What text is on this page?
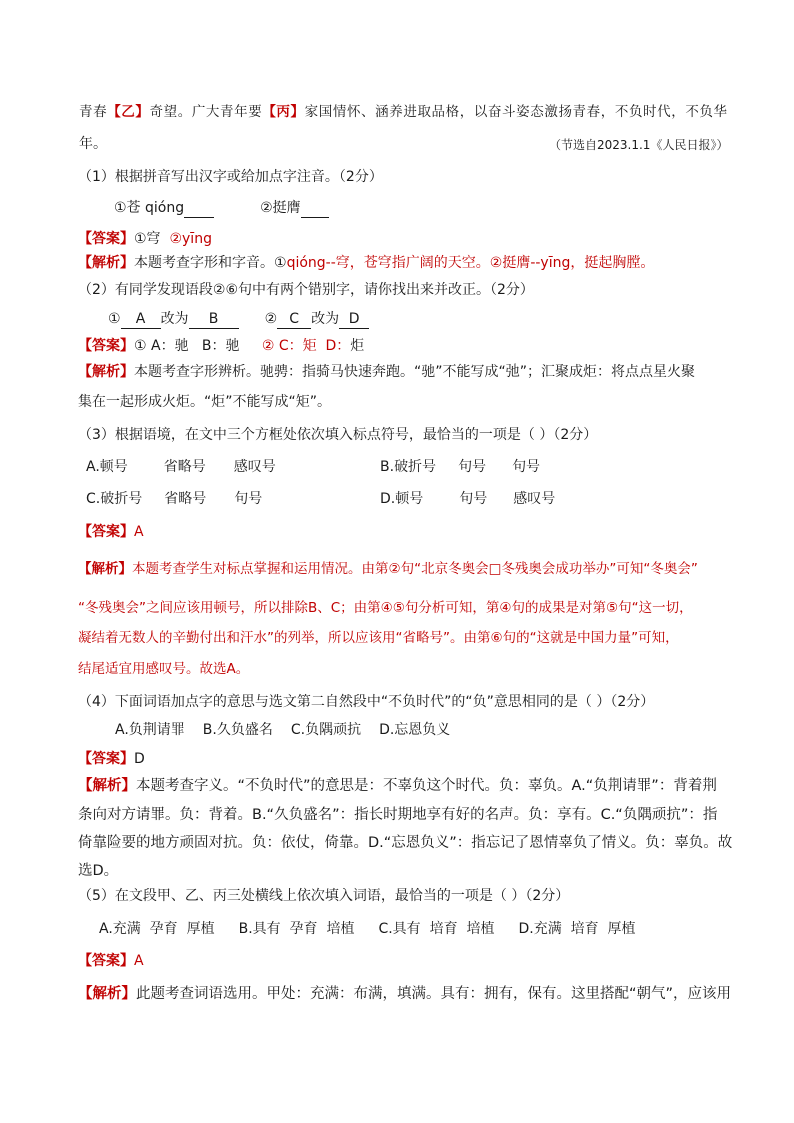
青春【乙】奇望。广大青年要【丙】家国情怀、涵养进取品格，以奋斗姿态激扬青春，不负时代，不负华
年。	（节选自2023.1.1《人民日报》）
（1）根据拼音写出汉字或给加点字注音。（2分）
①苍 qióng	②挺膺
【答案】①穹 ②yīng
【解析】本题考查字形和字音。①qióng--穹，苍穹指广阔的天空。②挺膺--yīng，挺起胸膛。
（2）有同学发现语段②⑥句中有两个错别字，请你找出来并改正。（2分）
① A 改为 B	② C 改为 D
【答案】① A：驰   B：驰 ② C：矩  D：炬
【解析】本题考查字形辨析。驰骋：指骑马快速奔跑。“驰”不能写成“弛”；汇聚成炬：将点点星火聚
集在一起形成火炬。“炬”不能写成“矩”。
（3）根据语境，在文中三个方框处依次填入标点符号，最恰当的一项是（ ）（2分）
A.顿号	省略号 感叹号	B.破折号 句号 句号
C.破折号 省略号 句号	D.顿号	句号 感叹号
【答案】A
【解析】本题考查学生对标点掌握和运用情况。由第②句“北京冬奥会□冬残奥会成功举办”可知“冬奥会”
“冬残奥会”之间应该用顿号，所以排除B、C；由第④⑤句分析可知，第④句的成果是对第⑤句“这一切，
凝结着无数人的辛勤付出和汗水”的列举，所以应该用“省略号”。由第⑥句的“这就是中国力量”可知，
结尾适宜用感叹号。故选A。
（4）下面词语加点字的意思与选文第二自然段中“不负时代”的“负”意思相同的是（ ）（2分）
A.负荆请罪 B.久负盛名 C.负隅顽抗 D.忘恩负义
【答案】D
【解析】本题考查字义。“不负时代”的意思是：不辜负这个时代。负：辜负。A.“负荆请罪”：背着荆
条向对方请罪。负：背着。B.“久负盛名”：指长时期地享有好的名声。负：享有。C.“负隅顽抗”：指
倚靠险要的地方顽固对抗。负：依仗，倚靠。D.“忘恩负义”：指忘记了恩情辜负了情义。负：辜负。故
选D。
（5）在文段甲、乙、丙三处横线上依次填入词语，最恰当的一项是（ ）（2分）
A.充满  孕育  厚植 B.具有  孕育  培植 C.具有  培育  培植 D.充满  培育  厚植
【答案】A
【解析】此题考查词语选用。甲处：充满：布满，填满。具有：拥有，保有。这里搭配“朝气”，应该用
